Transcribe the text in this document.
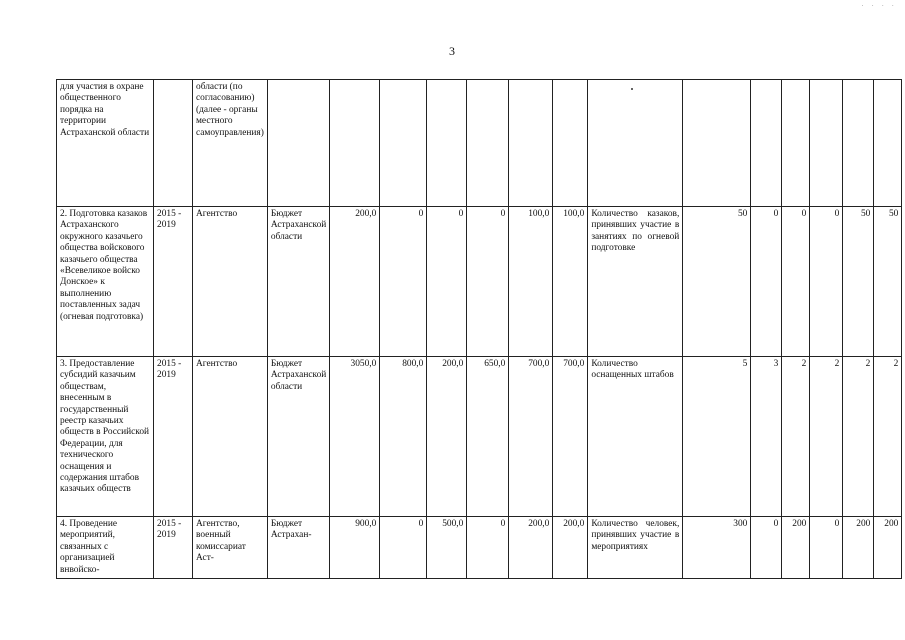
3
· · · ·
для участия в охране общественного порядка на территории Астраханской области		области (по согласованию) (далее - органы местного самоуправления)														
2. Подготовка казаков Астраханского окружного казачьего общества войскового казачьего общества «Всевеликое войско Донское» к выполнению поставленных задач (огневая подготовка)	2015 - 2019	Агентство	Бюджет Астраханской области	200,0	0	0	0	100,0	100,0	Количество казаков, принявших участие в занятиях по огневой подготовке	50	0	0	0	50	50
3. Предоставление субсидий казачьим обществам, внесенным в государственный реестр казачьих обществ в Российской Федерации, для технического оснащения и содержания штабов казачьих обществ	2015 - 2019	Агентство	Бюджет Астраханской области	3050,0	800,0	200,0	650,0	700,0	700,0	Количество оснащенных штабов	5	3	2	2	2	2
4. Проведение мероприятий, связанных с организацией внвойско-	2015 - 2019	Агентство, военный комиссариат Аст-	Бюджет Астрахан-	900,0	0	500,0	0	200,0	200,0	Количество человек, принявших участие в мероприятиях	300	0	200	0	200	200
